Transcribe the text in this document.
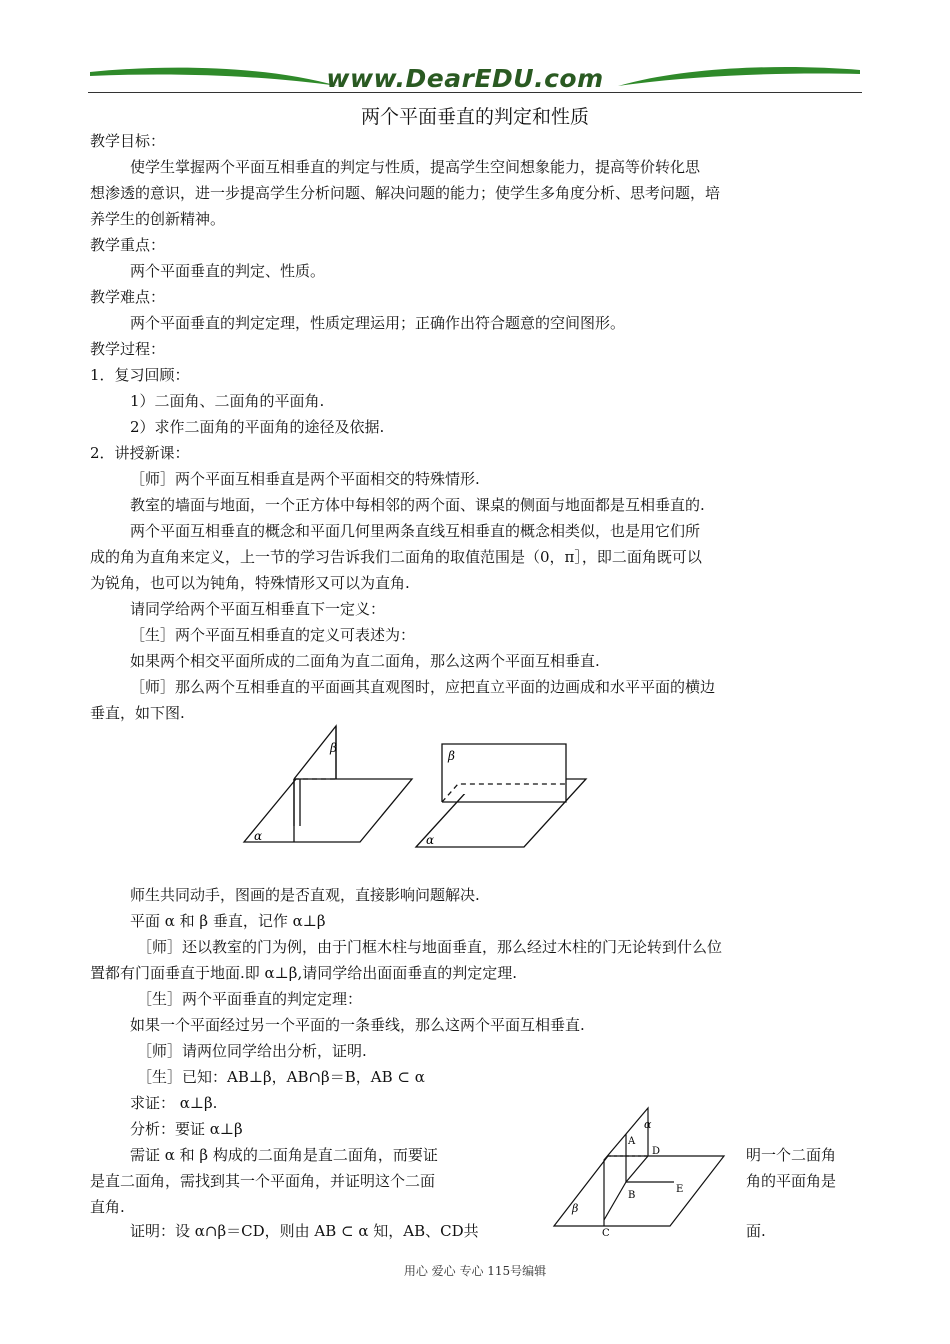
www.DearEDU.com
两个平面垂直的判定和性质
教学目标：
使学生掌握两个平面互相垂直的判定与性质，提高学生空间想象能力，提高等价转化思
想渗透的意识，进一步提高学生分析问题、解决问题的能力；使学生多角度分析、思考问题，培
养学生的创新精神。
教学重点：
两个平面垂直的判定、性质。
教学难点：
两个平面垂直的判定定理，性质定理运用；正确作出符合题意的空间图形。
教学过程：
1．复习回顾：
1）二面角、二面角的平面角.
2）求作二面角的平面角的途径及依据.
2．讲授新课：
［师］两个平面互相垂直是两个平面相交的特殊情形.
教室的墙面与地面，一个正方体中每相邻的两个面、课桌的侧面与地面都是互相垂直的.
两个平面互相垂直的概念和平面几何里两条直线互相垂直的概念相类似，也是用它们所
成的角为直角来定义，上一节的学习告诉我们二面角的取值范围是（0，π］，即二面角既可以
为锐角，也可以为钝角，特殊情形又可以为直角.
请同学给两个平面互相垂直下一定义：
［生］两个平面互相垂直的定义可表述为：
如果两个相交平面所成的二面角为直二面角，那么这两个平面互相垂直.
［师］那么两个互相垂直的平面画其直观图时，应把直立平面的边画成和水平平面的横边
垂直，如下图.
α
β
α
β
师生共同动手，图画的是否直观，直接影响问题解决.
平面 α 和 β 垂直，记作 α⊥β
［师］还以教室的门为例，由于门框木柱与地面垂直，那么经过木柱的门无论转到什么位
置都有门面垂直于地面.即 α⊥β,请同学给出面面垂直的判定定理.
［生］两个平面垂直的判定定理：
如果一个平面经过另一个平面的一条垂线，那么这两个平面互相垂直.
［师］请两位同学给出分析，证明.
［生］已知：AB⊥β，AB∩β＝B，AB ⊂ α
求证： α⊥β.
分析：要证 α⊥β
需证 α 和 β 构成的二面角是直二面角，而要证	明一个二面角
是直二面角，需找到其一个平面角，并证明这个二面	角的平面角是
直角.
证明：设 α∩β＝CD，则由 AB ⊂ α 知，AB、CD共	面.
α
β
A
B
C
D
E
用心 爱心 专心 115号编辑
